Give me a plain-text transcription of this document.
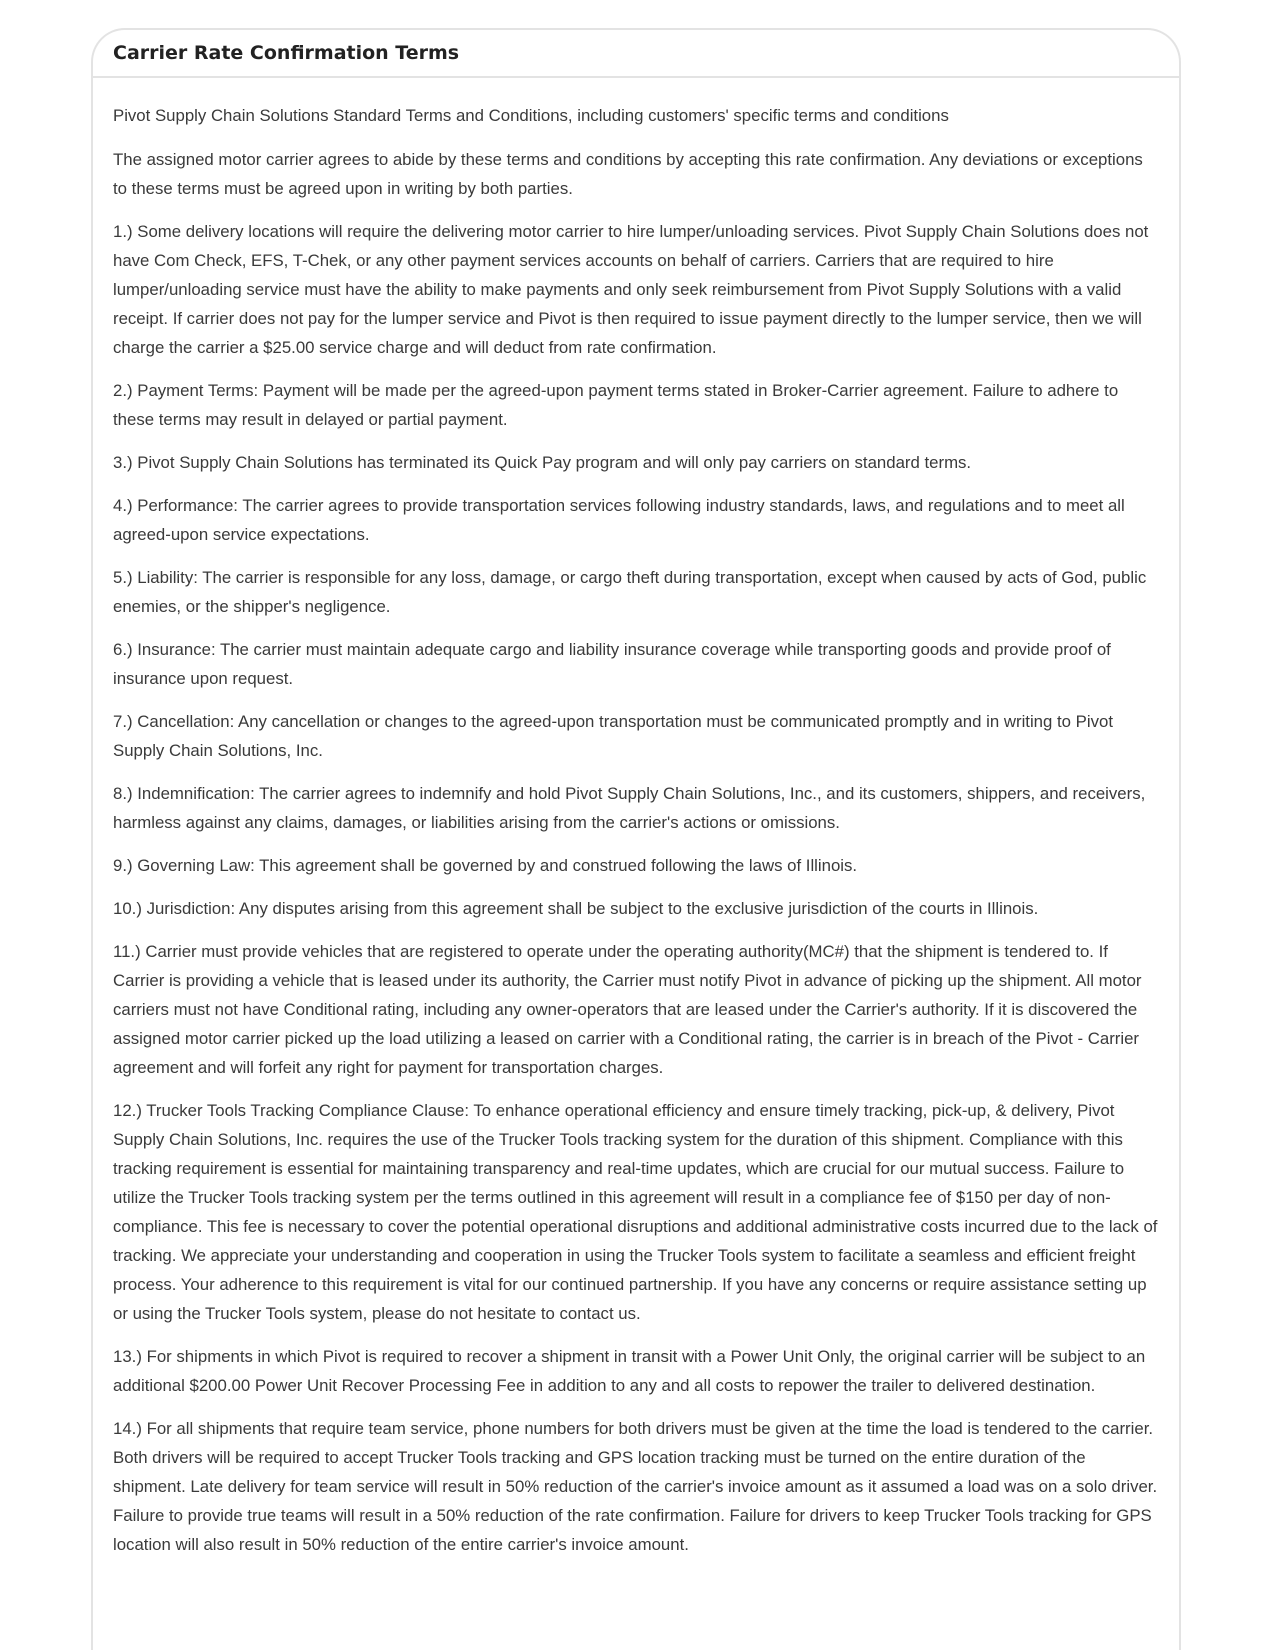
Carrier Rate Confirmation Terms

Pivot Supply Chain Solutions Standard Terms and Conditions, including customers' specific terms and conditions

The assigned motor carrier agrees to abide by these terms and conditions by accepting this rate confirmation. Any deviations or exceptions to these terms must be agreed upon in writing by both parties.

1.) Some delivery locations will require the delivering motor carrier to hire lumper/unloading services. Pivot Supply Chain Solutions does not have Com Check, EFS, T-Chek, or any other payment services accounts on behalf of carriers. Carriers that are required to hire lumper/unloading service must have the ability to make payments and only seek reimbursement from Pivot Supply Solutions with a valid receipt. If carrier does not pay for the lumper service and Pivot is then required to issue payment directly to the lumper service, then we will charge the carrier a $25.00 service charge and will deduct from rate confirmation.

2.) Payment Terms: Payment will be made per the agreed-upon payment terms stated in Broker-Carrier agreement. Failure to adhere to these terms may result in delayed or partial payment.

3.) Pivot Supply Chain Solutions has terminated its Quick Pay program and will only pay carriers on standard terms.

4.) Performance: The carrier agrees to provide transportation services following industry standards, laws, and regulations and to meet all agreed-upon service expectations.

5.) Liability: The carrier is responsible for any loss, damage, or cargo theft during transportation, except when caused by acts of God, public enemies, or the shipper's negligence.

6.) Insurance: The carrier must maintain adequate cargo and liability insurance coverage while transporting goods and provide proof of insurance upon request.

7.) Cancellation: Any cancellation or changes to the agreed-upon transportation must be communicated promptly and in writing to Pivot Supply Chain Solutions, Inc.

8.) Indemnification: The carrier agrees to indemnify and hold Pivot Supply Chain Solutions, Inc., and its customers, shippers, and receivers, harmless against any claims, damages, or liabilities arising from the carrier's actions or omissions.

9.) Governing Law: This agreement shall be governed by and construed following the laws of Illinois.

10.) Jurisdiction: Any disputes arising from this agreement shall be subject to the exclusive jurisdiction of the courts in Illinois.

11.) Carrier must provide vehicles that are registered to operate under the operating authority(MC#) that the shipment is tendered to. If Carrier is providing a vehicle that is leased under its authority, the Carrier must notify Pivot in advance of picking up the shipment. All motor carriers must not have Conditional rating, including any owner-operators that are leased under the Carrier's authority. If it is discovered the assigned motor carrier picked up the load utilizing a leased on carrier with a Conditional rating, the carrier is in breach of the Pivot - Carrier agreement and will forfeit any right for payment for transportation charges.

12.) Trucker Tools Tracking Compliance Clause: To enhance operational efficiency and ensure timely tracking, pick-up, & delivery, Pivot Supply Chain Solutions, Inc. requires the use of the Trucker Tools tracking system for the duration of this shipment. Compliance with this tracking requirement is essential for maintaining transparency and real-time updates, which are crucial for our mutual success. Failure to utilize the Trucker Tools tracking system per the terms outlined in this agreement will result in a compliance fee of $150 per day of non-compliance. This fee is necessary to cover the potential operational disruptions and additional administrative costs incurred due to the lack of tracking. We appreciate your understanding and cooperation in using the Trucker Tools system to facilitate a seamless and efficient freight process. Your adherence to this requirement is vital for our continued partnership. If you have any concerns or require assistance setting up or using the Trucker Tools system, please do not hesitate to contact us.

13.) For shipments in which Pivot is required to recover a shipment in transit with a Power Unit Only, the original carrier will be subject to an additional $200.00 Power Unit Recover Processing Fee in addition to any and all costs to repower the trailer to delivered destination.

14.) For all shipments that require team service, phone numbers for both drivers must be given at the time the load is tendered to the carrier. Both drivers will be required to accept Trucker Tools tracking and GPS location tracking must be turned on the entire duration of the shipment. Late delivery for team service will result in 50% reduction of the carrier's invoice amount as it assumed a load was on a solo driver. Failure to provide true teams will result in a 50% reduction of the rate confirmation. Failure for drivers to keep Trucker Tools tracking for GPS location will also result in 50% reduction of the entire carrier's invoice amount.
